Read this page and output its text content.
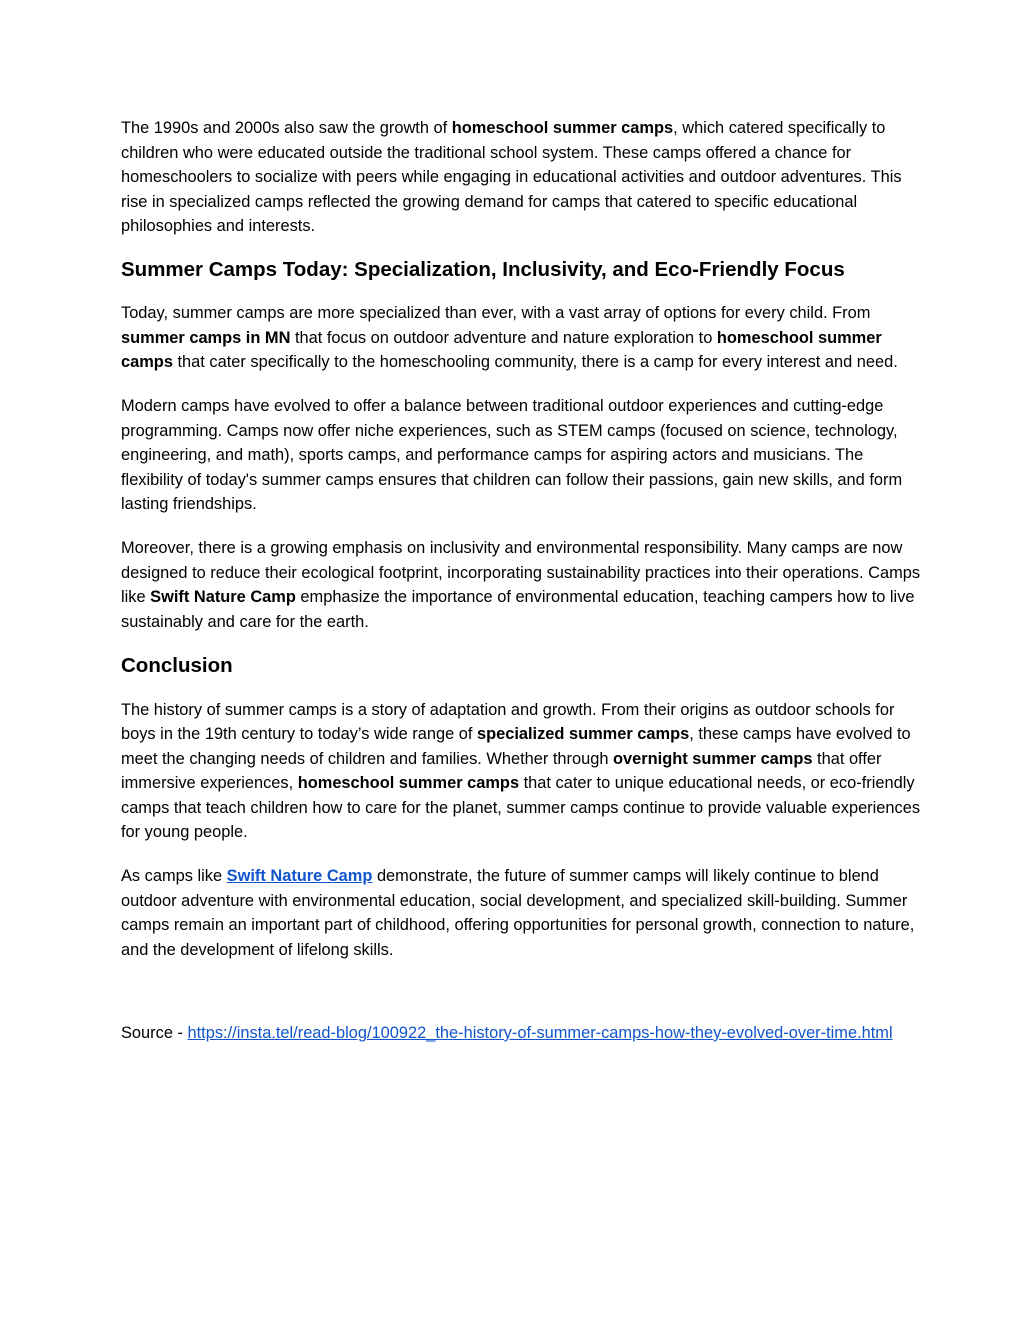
The 1990s and 2000s also saw the growth of homeschool summer camps, which catered specifically to children who were educated outside the traditional school system. These camps offered a chance for homeschoolers to socialize with peers while engaging in educational activities and outdoor adventures. This rise in specialized camps reflected the growing demand for camps that catered to specific educational philosophies and interests.

Summer Camps Today: Specialization, Inclusivity, and Eco-Friendly Focus

Today, summer camps are more specialized than ever, with a vast array of options for every child. From summer camps in MN that focus on outdoor adventure and nature exploration to homeschool summer camps that cater specifically to the homeschooling community, there is a camp for every interest and need.

Modern camps have evolved to offer a balance between traditional outdoor experiences and cutting-edge programming. Camps now offer niche experiences, such as STEM camps (focused on science, technology, engineering, and math), sports camps, and performance camps for aspiring actors and musicians. The flexibility of today's summer camps ensures that children can follow their passions, gain new skills, and form lasting friendships.

Moreover, there is a growing emphasis on inclusivity and environmental responsibility. Many camps are now designed to reduce their ecological footprint, incorporating sustainability practices into their operations. Camps like Swift Nature Camp emphasize the importance of environmental education, teaching campers how to live sustainably and care for the earth.

Conclusion

The history of summer camps is a story of adaptation and growth. From their origins as outdoor schools for boys in the 19th century to today’s wide range of specialized summer camps, these camps have evolved to meet the changing needs of children and families. Whether through overnight summer camps that offer immersive experiences, homeschool summer camps that cater to unique educational needs, or eco-friendly camps that teach children how to care for the planet, summer camps continue to provide valuable experiences for young people.

As camps like Swift Nature Camp demonstrate, the future of summer camps will likely continue to blend outdoor adventure with environmental education, social development, and specialized skill-building. Summer camps remain an important part of childhood, offering opportunities for personal growth, connection to nature, and the development of lifelong skills.

Source - https://insta.tel/read-blog/100922_the-history-of-summer-camps-how-they-evolved-over-time.html
